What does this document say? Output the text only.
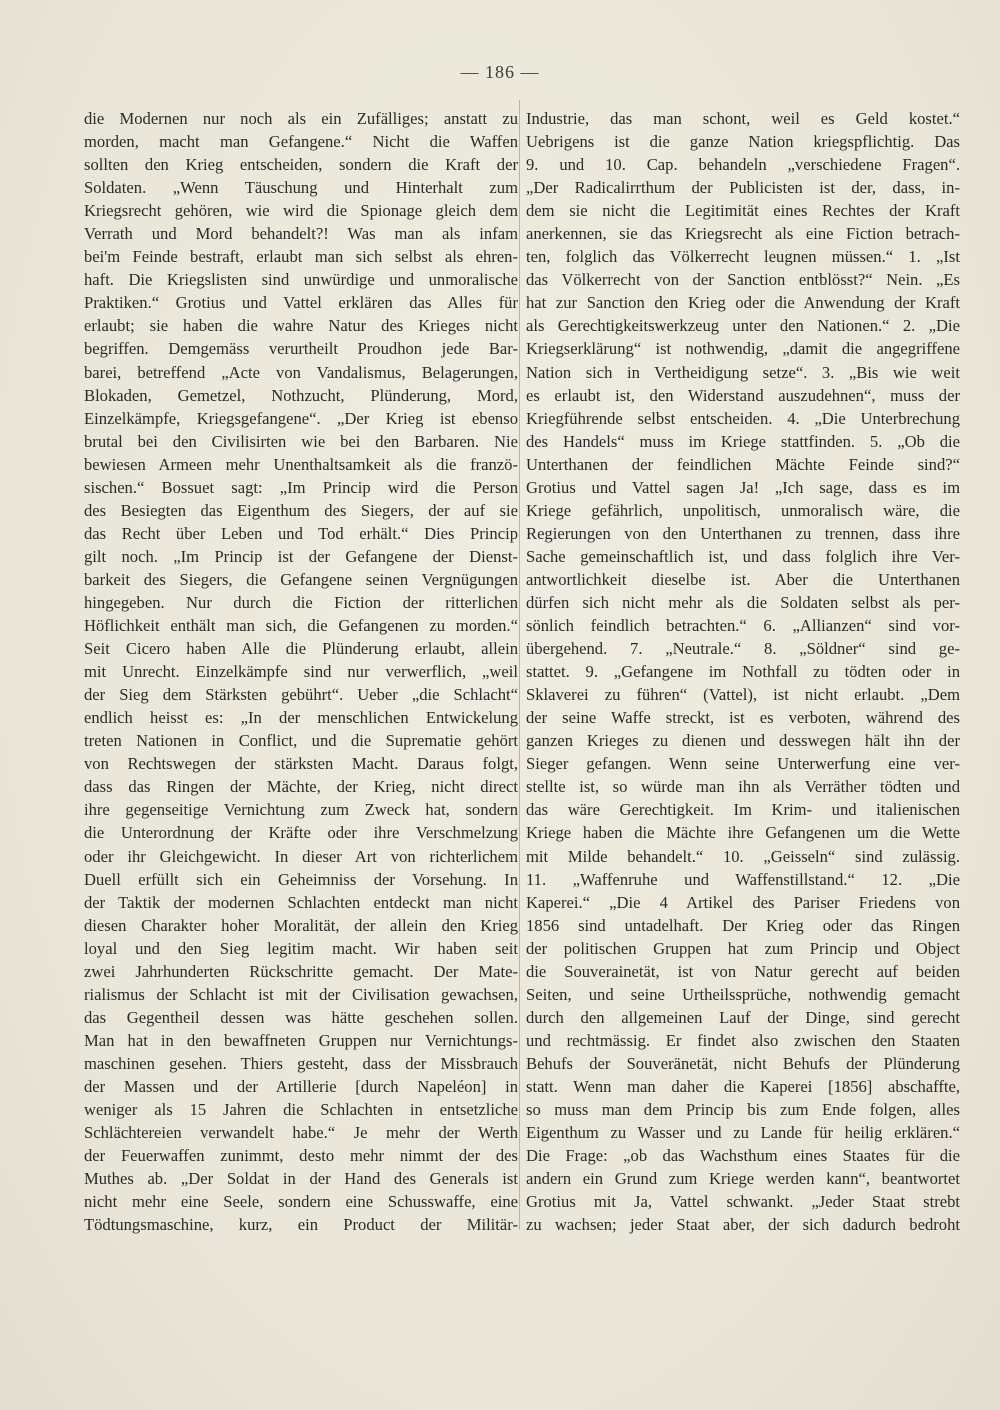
— 186 —
die Modernen nur noch als ein Zufälliges; anstatt zu
morden, macht man Gefangene.“ Nicht die Waffen
sollten den Krieg entscheiden, sondern die Kraft der
Soldaten. „Wenn Täuschung und Hinterhalt zum
Kriegsrecht gehören, wie wird die Spionage gleich dem
Verrath und Mord behandelt?! Was man als infam
bei'm Feinde bestraft, erlaubt man sich selbst als ehren-
haft. Die Kriegslisten sind unwürdige und unmoralische
Praktiken.“ Grotius und Vattel erklären das Alles für
erlaubt; sie haben die wahre Natur des Krieges nicht
begriffen. Demgemäss verurtheilt Proudhon jede Bar-
barei, betreffend „Acte von Vandalismus, Belagerungen,
Blokaden, Gemetzel, Nothzucht, Plünderung, Mord,
Einzelkämpfe, Kriegsgefangene“. „Der Krieg ist ebenso
brutal bei den Civilisirten wie bei den Barbaren. Nie
bewiesen Armeen mehr Unenthaltsamkeit als die franzö-
sischen.“ Bossuet sagt: „Im Princip wird die Person
des Besiegten das Eigenthum des Siegers, der auf sie
das Recht über Leben und Tod erhält.“ Dies Princip
gilt noch. „Im Princip ist der Gefangene der Dienst-
barkeit des Siegers, die Gefangene seinen Vergnügungen
hingegeben. Nur durch die Fiction der ritterlichen
Höflichkeit enthält man sich, die Gefangenen zu morden.“
Seit Cicero haben Alle die Plünderung erlaubt, allein
mit Unrecht. Einzelkämpfe sind nur verwerflich, „weil
der Sieg dem Stärksten gebührt“. Ueber „die Schlacht“
endlich heisst es: „In der menschlichen Entwickelung
treten Nationen in Conflict, und die Suprematie gehört
von Rechtswegen der stärksten Macht. Daraus folgt,
dass das Ringen der Mächte, der Krieg, nicht direct
ihre gegenseitige Vernichtung zum Zweck hat, sondern
die Unterordnung der Kräfte oder ihre Verschmelzung
oder ihr Gleichgewicht. In dieser Art von richterlichem
Duell erfüllt sich ein Geheimniss der Vorsehung. In
der Taktik der modernen Schlachten entdeckt man nicht
diesen Charakter hoher Moralität, der allein den Krieg
loyal und den Sieg legitim macht. Wir haben seit
zwei Jahrhunderten Rückschritte gemacht. Der Mate-
rialismus der Schlacht ist mit der Civilisation gewachsen,
das Gegentheil dessen was hätte geschehen sollen.
Man hat in den bewaffneten Gruppen nur Vernichtungs-
maschinen gesehen. Thiers gesteht, dass der Missbrauch
der Massen und der Artillerie [durch Napeléon] in
weniger als 15 Jahren die Schlachten in entsetzliche
Schlächtereien verwandelt habe.“ Je mehr der Werth
der Feuerwaffen zunimmt, desto mehr nimmt der des
Muthes ab. „Der Soldat in der Hand des Generals ist
nicht mehr eine Seele, sondern eine Schusswaffe, eine
Tödtungsmaschine, kurz, ein Product der Militär-
Industrie, das man schont, weil es Geld kostet.“
Uebrigens ist die ganze Nation kriegspflichtig. Das
9. und 10. Cap. behandeln „verschiedene Fragen“.
„Der Radicalirrthum der Publicisten ist der, dass, in-
dem sie nicht die Legitimität eines Rechtes der Kraft
anerkennen, sie das Kriegsrecht als eine Fiction betrach-
ten, folglich das Völkerrecht leugnen müssen.“ 1. „Ist
das Völkerrecht von der Sanction entblösst?“ Nein. „Es
hat zur Sanction den Krieg oder die Anwendung der Kraft
als Gerechtigkeitswerkzeug unter den Nationen.“ 2. „Die
Kriegserklärung“ ist nothwendig, „damit die angegriffene
Nation sich in Vertheidigung setze“. 3. „Bis wie weit
es erlaubt ist, den Widerstand auszudehnen“, muss der
Kriegführende selbst entscheiden. 4. „Die Unterbrechung
des Handels“ muss im Kriege stattfinden. 5. „Ob die
Unterthanen der feindlichen Mächte Feinde sind?“
Grotius und Vattel sagen Ja! „Ich sage, dass es im
Kriege gefährlich, unpolitisch, unmoralisch wäre, die
Regierungen von den Unterthanen zu trennen, dass ihre
Sache gemeinschaftlich ist, und dass folglich ihre Ver-
antwortlichkeit dieselbe ist. Aber die Unterthanen
dürfen sich nicht mehr als die Soldaten selbst als per-
sönlich feindlich betrachten.“ 6. „Allianzen“ sind vor-
übergehend. 7. „Neutrale.“ 8. „Söldner“ sind ge-
stattet. 9. „Gefangene im Nothfall zu tödten oder in
Sklaverei zu führen“ (Vattel), ist nicht erlaubt. „Dem
der seine Waffe streckt, ist es verboten, während des
ganzen Krieges zu dienen und desswegen hält ihn der
Sieger gefangen. Wenn seine Unterwerfung eine ver-
stellte ist, so würde man ihn als Verräther tödten und
das wäre Gerechtigkeit. Im Krim- und italienischen
Kriege haben die Mächte ihre Gefangenen um die Wette
mit Milde behandelt.“ 10. „Geisseln“ sind zulässig.
11. „Waffenruhe und Waffenstillstand.“ 12. „Die
Kaperei.“ „Die 4 Artikel des Pariser Friedens von
1856 sind untadelhaft. Der Krieg oder das Ringen
der politischen Gruppen hat zum Princip und Object
die Souverainetät, ist von Natur gerecht auf beiden
Seiten, und seine Urtheilssprüche, nothwendig gemacht
durch den allgemeinen Lauf der Dinge, sind gerecht
und rechtmässig. Er findet also zwischen den Staaten
Behufs der Souveränetät, nicht Behufs der Plünderung
statt. Wenn man daher die Kaperei [1856] abschaffte,
so muss man dem Princip bis zum Ende folgen, alles
Eigenthum zu Wasser und zu Lande für heilig erklären.“
Die Frage: „ob das Wachsthum eines Staates für die
andern ein Grund zum Kriege werden kann“, beantwortet
Grotius mit Ja, Vattel schwankt. „Jeder Staat strebt
zu wachsen; jeder Staat aber, der sich dadurch bedroht
